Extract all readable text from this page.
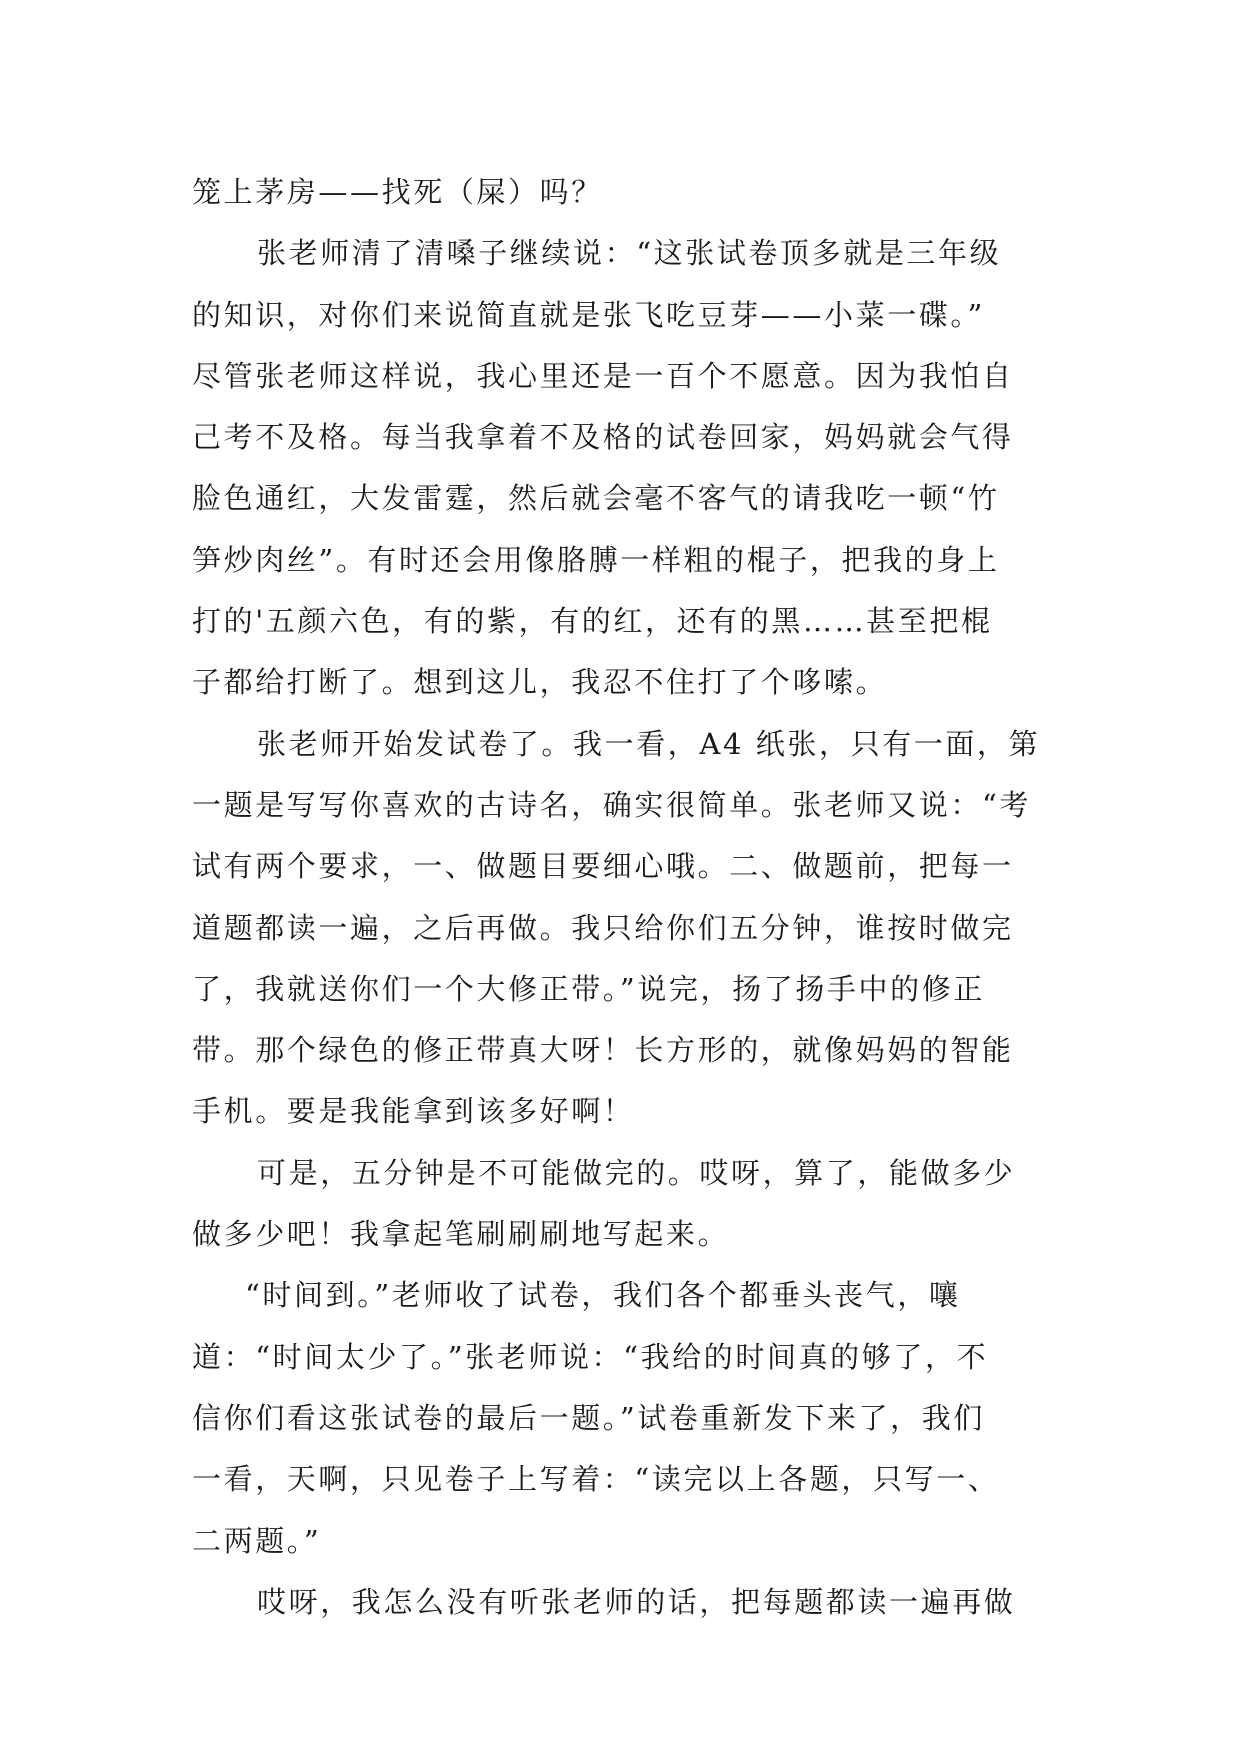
笼上茅房——找死（屎）吗？
张老师清了清嗓子继续说：“这张试卷顶多就是三年级
的知识，对你们来说简直就是张飞吃豆芽——小菜一碟。”
尽管张老师这样说，我心里还是一百个不愿意。因为我怕自
己考不及格。每当我拿着不及格的试卷回家，妈妈就会气得
脸色通红，大发雷霆，然后就会毫不客气的请我吃一顿“竹
笋炒肉丝”。有时还会用像胳膊一样粗的棍子，把我的身上
打的'五颜六色，有的紫，有的红，还有的黑……甚至把棍
子都给打断了。想到这儿，我忍不住打了个哆嗦。
张老师开始发试卷了。我一看，A4 纸张，只有一面，第
一题是写写你喜欢的古诗名，确实很简单。张老师又说：“考
试有两个要求，一、做题目要细心哦。二、做题前，把每一
道题都读一遍，之后再做。我只给你们五分钟，谁按时做完
了，我就送你们一个大修正带。”说完，扬了扬手中的修正
带。那个绿色的修正带真大呀！长方形的，就像妈妈的智能
手机。要是我能拿到该多好啊！
可是，五分钟是不可能做完的。哎呀，算了，能做多少
做多少吧！我拿起笔刷刷刷地写起来。
“时间到。”老师收了试卷，我们各个都垂头丧气，嚷
道：“时间太少了。”张老师说：“我给的时间真的够了，不
信你们看这张试卷的最后一题。”试卷重新发下来了，我们
一看，天啊，只见卷子上写着：“读完以上各题，只写一、
二两题。”
哎呀，我怎么没有听张老师的话，把每题都读一遍再做
